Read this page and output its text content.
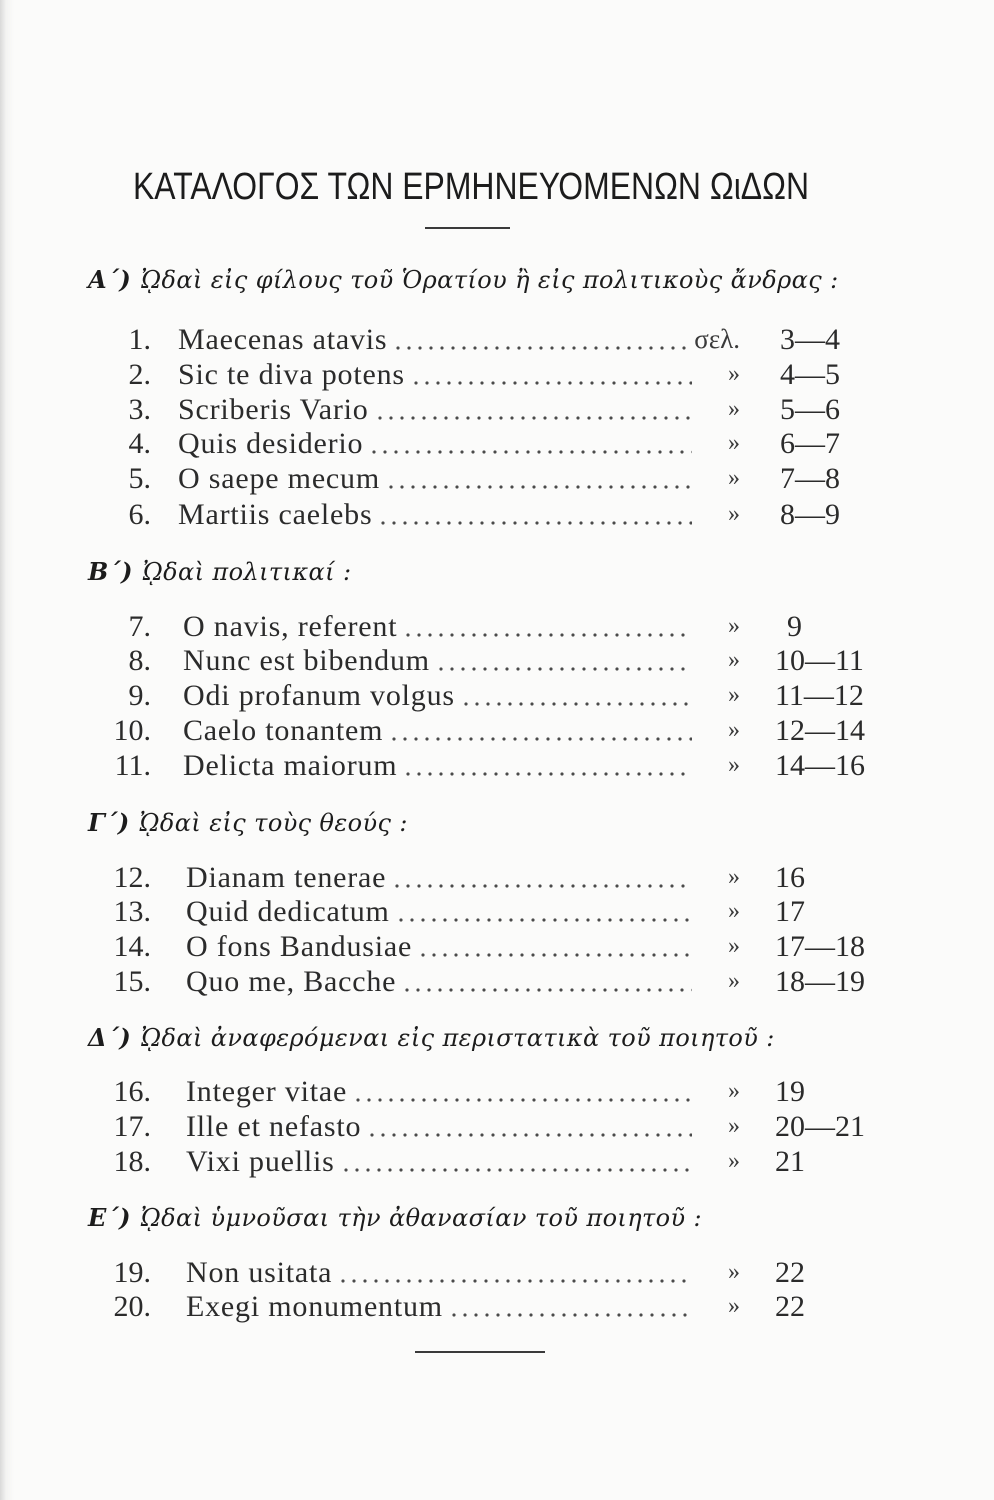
ΚΑΤΑΛΟΓΟΣ ΤΩΝ ΕΡΜΗΝΕΥΟΜΕΝΩΝ ΩιΔΩΝ
Α΄) ᾨδαὶ εἰς φίλους τοῦ Ὁρατίου ἢ εἰς πολιτικοὺς ἄνδρας :
1. Maecenas atavis	σελ. 3—4
2. Sic te diva potens	» 4—5
3. Scriberis Vario	» 5—6
4. Quis desiderio	» 6—7
5. O saepe mecum	» 7—8
6. Martiis caelebs	» 8—9
Β΄) ᾨδαὶ πολιτικαί :
7. O navis, referent	» 9
8. Nunc est bibendum	» 10—11
9. Odi profanum volgus	» 11—12
10. Caelo tonantem	» 12—14
11. Delicta maiorum	» 14—16
Γ΄) ᾨδαὶ εἰς τοὺς θεούς :
12. Dianam tenerae	» 16
13. Quid dedicatum	» 17
14. O fons Bandusiae	» 17—18
15. Quo me, Bacche	» 18—19
Δ΄) ᾨδαὶ ἀναφερόμεναι εἰς περιστατικὰ τοῦ ποιητοῦ :
16. Integer vitae	» 19
17. Ille et nefasto	» 20—21
18. Vixi puellis	» 21
Ε΄) ᾨδαὶ ὑμνοῦσαι τὴν ἀθανασίαν τοῦ ποιητοῦ :
19. Non usitata	» 22
20. Exegi monumentum	» 22
